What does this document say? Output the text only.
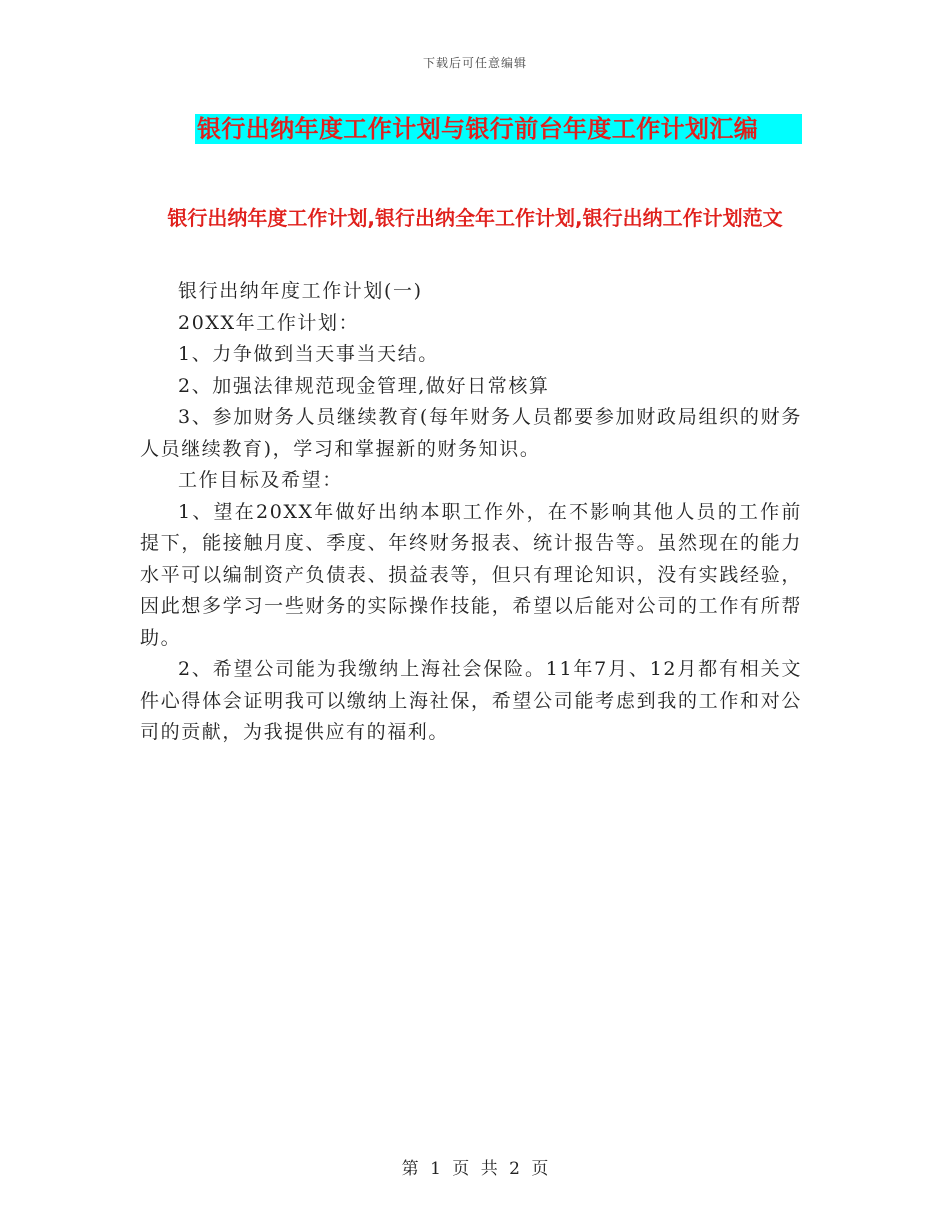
下载后可任意编辑
银行出纳年度工作计划与银行前台年度工作计划汇编
银行出纳年度工作计划,银行出纳全年工作计划,银行出纳工作计划范文

银行出纳年度工作计划(一)

20XX年工作计划：

1、力争做到当天事当天结。

2、加强法律规范现金管理,做好日常核算

3、参加财务人员继续教育(每年财务人员都要参加财政局组织的财务人员继续教育)，学习和掌握新的财务知识。

工作目标及希望：

1、望在20XX年做好出纳本职工作外，在不影响其他人员的工作前提下，能接触月度、季度、年终财务报表、统计报告等。虽然现在的能力水平可以编制资产负债表、损益表等，但只有理论知识，没有实践经验，因此想多学习一些财务的实际操作技能，希望以后能对公司的工作有所帮助。

2、希望公司能为我缴纳上海社会保险。11年7月、12月都有相关文件心得体会证明我可以缴纳上海社保，希望公司能考虑到我的工作和对公司的贡献，为我提供应有的福利。

第 1 页 共 2 页
